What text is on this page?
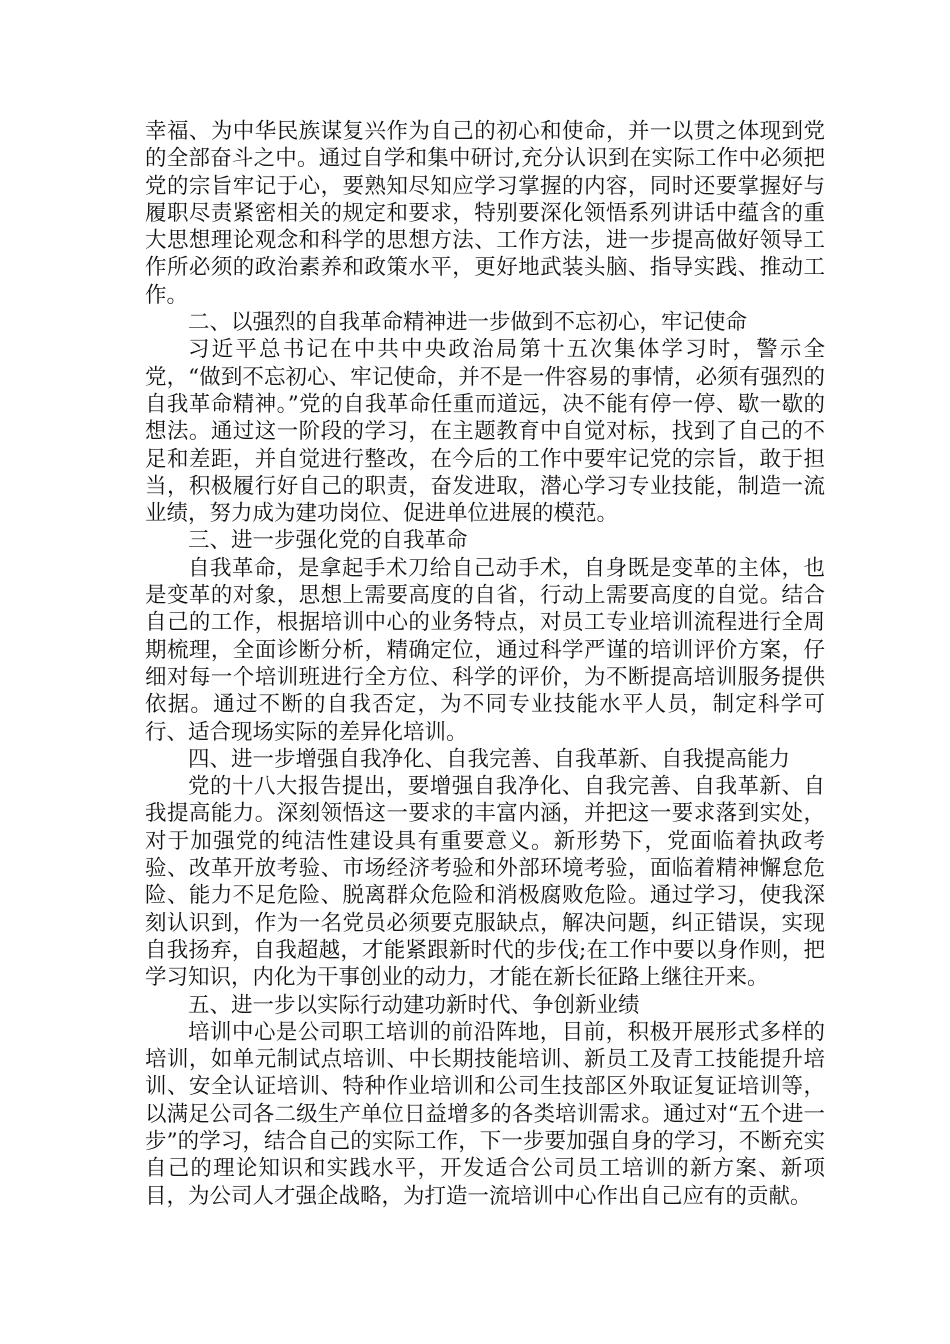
幸福、为中华民族谋复兴作为自己的初心和使命，并一以贯之体现到党的全部奋斗之中。通过自学和集中研讨,充分认识到在实际工作中必须把党的宗旨牢记于心，要熟知尽知应学习掌握的内容，同时还要掌握好与履职尽责紧密相关的规定和要求，特别要深化领悟系列讲话中蕴含的重大思想理论观念和科学的思想方法、工作方法，进一步提高做好领导工作所必须的政治素养和政策水平，更好地武装头脑、指导实践、推动工作。

二、以强烈的自我革命精神进一步做到不忘初心，牢记使命

习近平总书记在中共中央政治局第十五次集体学习时，警示全党，“做到不忘初心、牢记使命，并不是一件容易的事情，必须有强烈的自我革命精神。”党的自我革命任重而道远，决不能有停一停、歇一歇的想法。通过这一阶段的学习，在主题教育中自觉对标，找到了自己的不足和差距，并自觉进行整改，在今后的工作中要牢记党的宗旨，敢于担当，积极履行好自己的职责，奋发进取，潜心学习专业技能，制造一流业绩，努力成为建功岗位、促进单位进展的模范。

三、进一步强化党的自我革命

自我革命，是拿起手术刀给自己动手术，自身既是变革的主体，也是变革的对象，思想上需要高度的自省，行动上需要高度的自觉。结合自己的工作，根据培训中心的业务特点，对员工专业培训流程进行全周期梳理，全面诊断分析，精确定位，通过科学严谨的培训评价方案，仔细对每一个培训班进行全方位、科学的评价，为不断提高培训服务提供依据。通过不断的自我否定，为不同专业技能水平人员，制定科学可行、适合现场实际的差异化培训。

四、进一步增强自我净化、自我完善、自我革新、自我提高能力

党的十八大报告提出，要增强自我净化、自我完善、自我革新、自我提高能力。深刻领悟这一要求的丰富内涵，并把这一要求落到实处，对于加强党的纯洁性建设具有重要意义。新形势下，党面临着执政考验、改革开放考验、市场经济考验和外部环境考验，面临着精神懈怠危险、能力不足危险、脱离群众危险和消极腐败危险。通过学习，使我深刻认识到，作为一名党员必须要克服缺点，解决问题，纠正错误，实现自我扬弃，自我超越，才能紧跟新时代的步伐;在工作中要以身作则，把学习知识，内化为干事创业的动力，才能在新长征路上继往开来。

五、进一步以实际行动建功新时代、争创新业绩

培训中心是公司职工培训的前沿阵地，目前，积极开展形式多样的培训，如单元制试点培训、中长期技能培训、新员工及青工技能提升培训、安全认证培训、特种作业培训和公司生技部区外取证复证培训等，以满足公司各二级生产单位日益增多的各类培训需求。通过对“五个进一步”的学习，结合自己的实际工作，下一步要加强自身的学习，不断充实自己的理论知识和实践水平，开发适合公司员工培训的新方案、新项目，为公司人才强企战略，为打造一流培训中心作出自己应有的贡献。
